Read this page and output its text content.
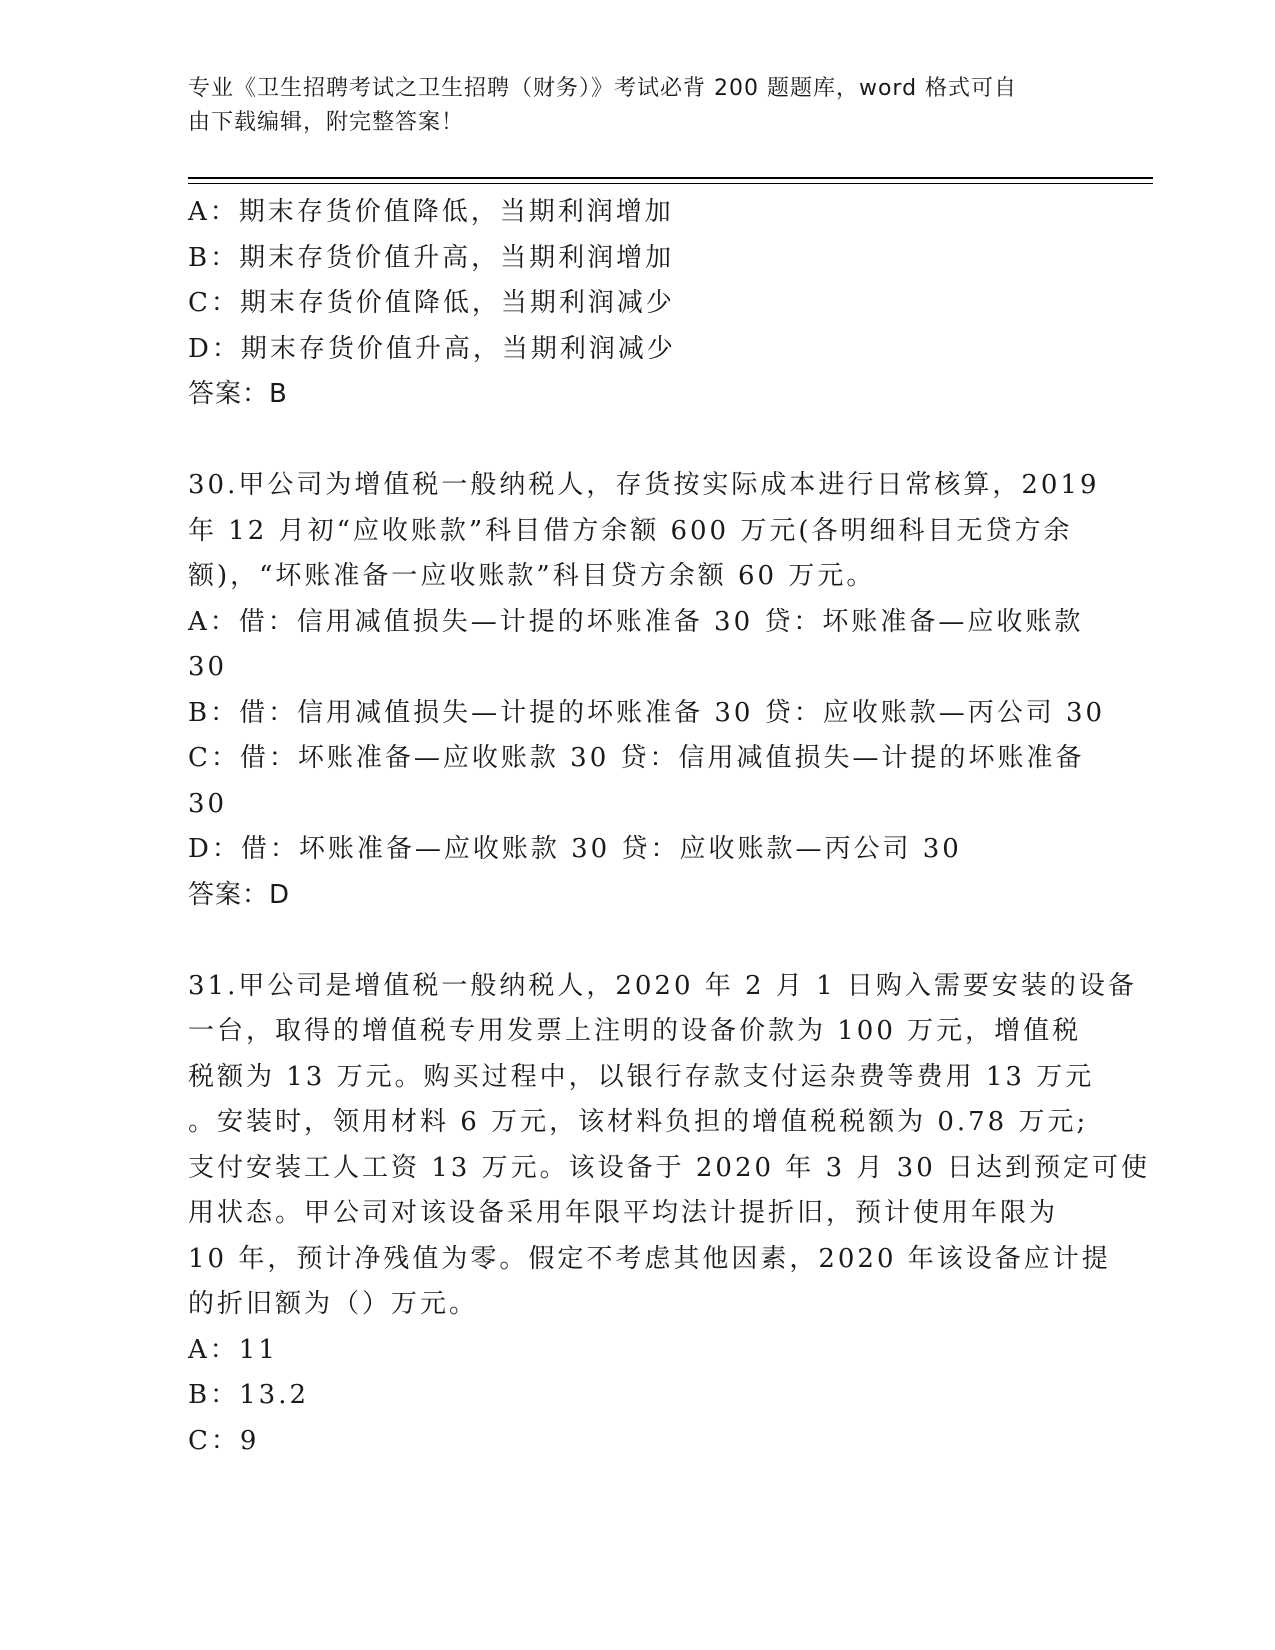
专业《卫生招聘考试之卫生招聘（财务）》考试必背 200 题题库，word 格式可自
由下载编辑，附完整答案！
A：期末存货价值降低，当期利润增加
B：期末存货价值升高，当期利润增加
C：期末存货价值降低，当期利润减少
D：期末存货价值升高，当期利润减少
答案：B
30.甲公司为增值税一般纳税人，存货按实际成本进行日常核算，2019
年 12 月初“应收账款”科目借方余额 600 万元(各明细科目无贷方余
额)，“坏账准备一应收账款”科目贷方余额 60 万元。
A：借：信用减值损失—计提的坏账准备 30 贷：坏账准备—应收账款
30
B：借：信用减值损失—计提的坏账准备 30 贷：应收账款—丙公司 30
C：借：坏账准备—应收账款 30 贷：信用减值损失—计提的坏账准备
30
D：借：坏账准备—应收账款 30 贷：应收账款—丙公司 30
答案：D
31.甲公司是增值税一般纳税人，2020 年 2 月 1 日购入需要安装的设备
一台，取得的增值税专用发票上注明的设备价款为 100 万元，增值税
税额为 13 万元。购买过程中，以银行存款支付运杂费等费用 13 万元
。安装时，领用材料 6 万元，该材料负担的增值税税额为 0.78 万元;
支付安装工人工资 13 万元。该设备于 2020 年 3 月 30 日达到预定可使
用状态。甲公司对该设备采用年限平均法计提折旧，预计使用年限为
10 年，预计净残值为零。假定不考虑其他因素，2020 年该设备应计提
的折旧额为（）万元。
A：11
B：13.2
C：9
